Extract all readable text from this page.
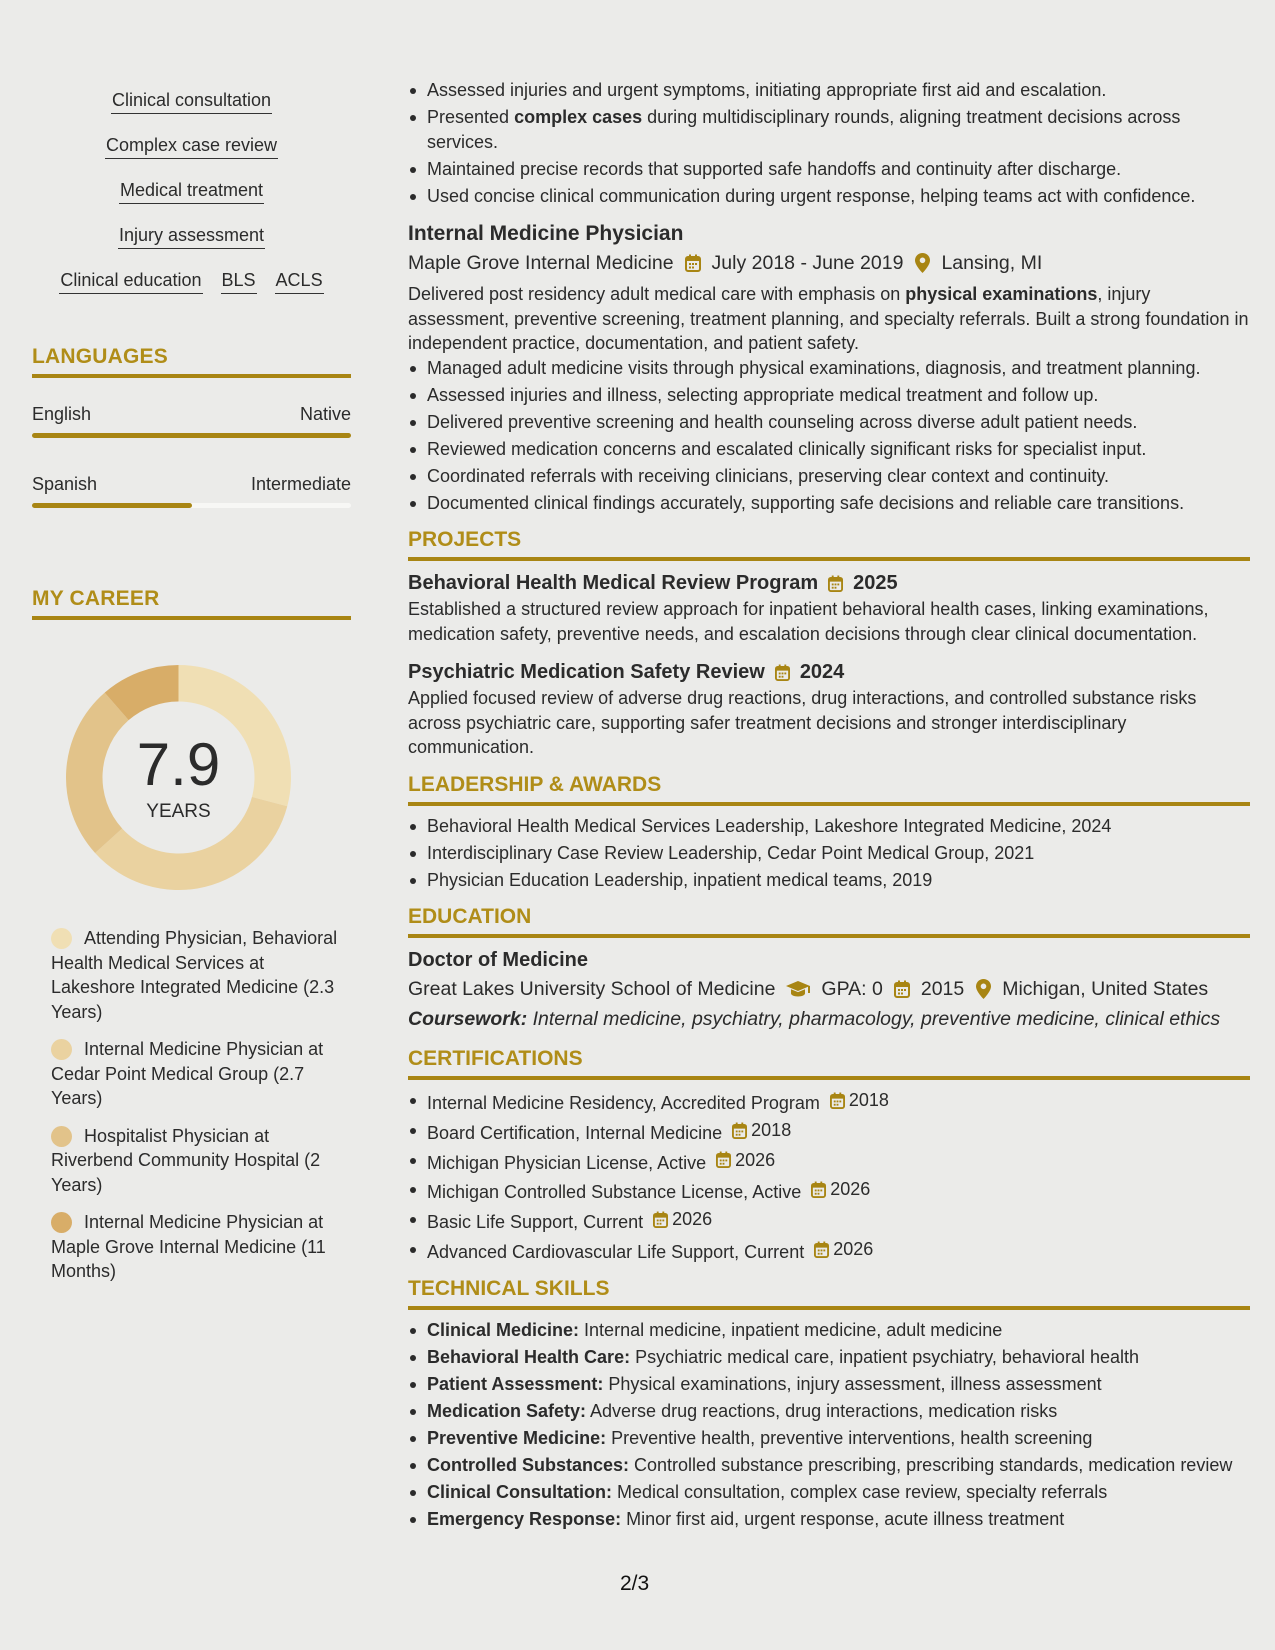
Clinical consultation
Complex case review
Medical treatment
Injury assessment
Clinical education BLS ACLS
LANGUAGES
English	Native
Spanish	Intermediate
MY CAREER
7.9
YEARS
Attending Physician, Behavioral Health Medical Services at Lakeshore Integrated Medicine (2.3 Years)
Internal Medicine Physician at Cedar Point Medical Group (2.7 Years)
Hospitalist Physician at Riverbend Community Hospital (2 Years)
Internal Medicine Physician at Maple Grove Internal Medicine (11 Months)
Assessed injuries and urgent symptoms, initiating appropriate first aid and escalation.
Presented complex cases during multidisciplinary rounds, aligning treatment decisions across services.
Maintained precise records that supported safe handoffs and continuity after discharge.
Used concise clinical communication during urgent response, helping teams act with confidence.
Internal Medicine Physician
Maple Grove Internal Medicine July 2018 - June 2019 Lansing, MI
Delivered post residency adult medical care with emphasis on physical examinations, injury assessment, preventive screening, treatment planning, and specialty referrals. Built a strong foundation in independent practice, documentation, and patient safety.
Managed adult medicine visits through physical examinations, diagnosis, and treatment planning.
Assessed injuries and illness, selecting appropriate medical treatment and follow up.
Delivered preventive screening and health counseling across diverse adult patient needs.
Reviewed medication concerns and escalated clinically significant risks for specialist input.
Coordinated referrals with receiving clinicians, preserving clear context and continuity.
Documented clinical findings accurately, supporting safe decisions and reliable care transitions.
PROJECTS
Behavioral Health Medical Review Program 2025
Established a structured review approach for inpatient behavioral health cases, linking examinations, medication safety, preventive needs, and escalation decisions through clear clinical documentation.
Psychiatric Medication Safety Review 2024
Applied focused review of adverse drug reactions, drug interactions, and controlled substance risks across psychiatric care, supporting safer treatment decisions and stronger interdisciplinary communication.
LEADERSHIP & AWARDS
Behavioral Health Medical Services Leadership, Lakeshore Integrated Medicine, 2024
Interdisciplinary Case Review Leadership, Cedar Point Medical Group, 2021
Physician Education Leadership, inpatient medical teams, 2019
EDUCATION
Doctor of Medicine
Great Lakes University School of Medicine GPA: 0 2015 Michigan, United States
Coursework: Internal medicine, psychiatry, pharmacology, preventive medicine, clinical ethics
CERTIFICATIONS
Internal Medicine Residency, Accredited Program 2018
Board Certification, Internal Medicine 2018
Michigan Physician License, Active 2026
Michigan Controlled Substance License, Active 2026
Basic Life Support, Current 2026
Advanced Cardiovascular Life Support, Current 2026
TECHNICAL SKILLS
Clinical Medicine: Internal medicine, inpatient medicine, adult medicine
Behavioral Health Care: Psychiatric medical care, inpatient psychiatry, behavioral health
Patient Assessment: Physical examinations, injury assessment, illness assessment
Medication Safety: Adverse drug reactions, drug interactions, medication risks
Preventive Medicine: Preventive health, preventive interventions, health screening
Controlled Substances: Controlled substance prescribing, prescribing standards, medication review
Clinical Consultation: Medical consultation, complex case review, specialty referrals
Emergency Response: Minor first aid, urgent response, acute illness treatment
2/3
